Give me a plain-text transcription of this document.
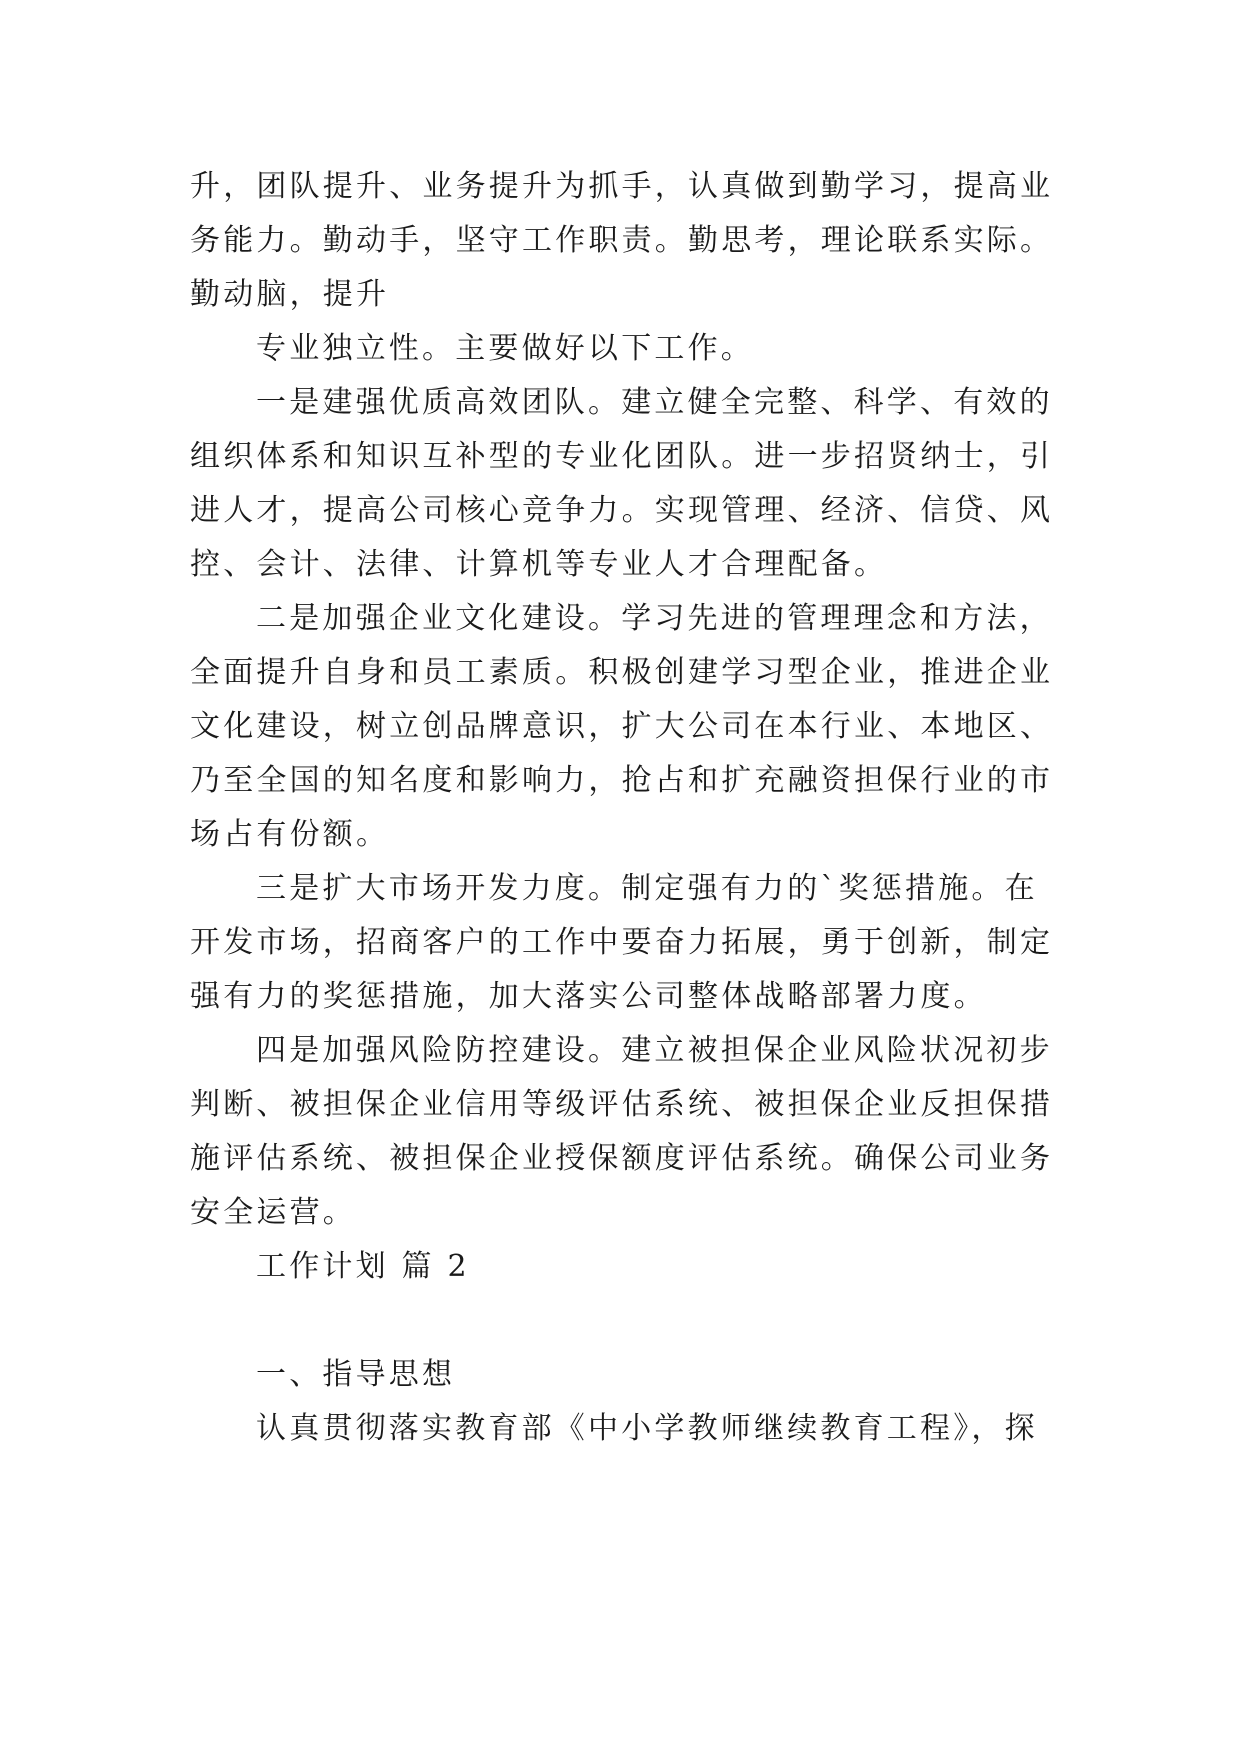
升，团队提升、业务提升为抓手，认真做到勤学习，提高业务能力。勤动手，坚守工作职责。勤思考，理论联系实际。勤动脑，提升

专业独立性。主要做好以下工作。

一是建强优质高效团队。建立健全完整、科学、有效的组织体系和知识互补型的专业化团队。进一步招贤纳士，引进人才，提高公司核心竞争力。实现管理、经济、信贷、风控、会计、法律、计算机等专业人才合理配备。

二是加强企业文化建设。学习先进的管理理念和方法，全面提升自身和员工素质。积极创建学习型企业，推进企业文化建设，树立创品牌意识，扩大公司在本行业、本地区、乃至全国的知名度和影响力，抢占和扩充融资担保行业的市场占有份额。

三是扩大市场开发力度。制定强有力的`奖惩措施。在开发市场，招商客户的工作中要奋力拓展，勇于创新，制定强有力的奖惩措施，加大落实公司整体战略部署力度。

四是加强风险防控建设。建立被担保企业风险状况初步判断、被担保企业信用等级评估系统、被担保企业反担保措施评估系统、被担保企业授保额度评估系统。确保公司业务安全运营。

工作计划 篇 2

一、指导思想

认真贯彻落实教育部《中小学教师继续教育工程》，探
